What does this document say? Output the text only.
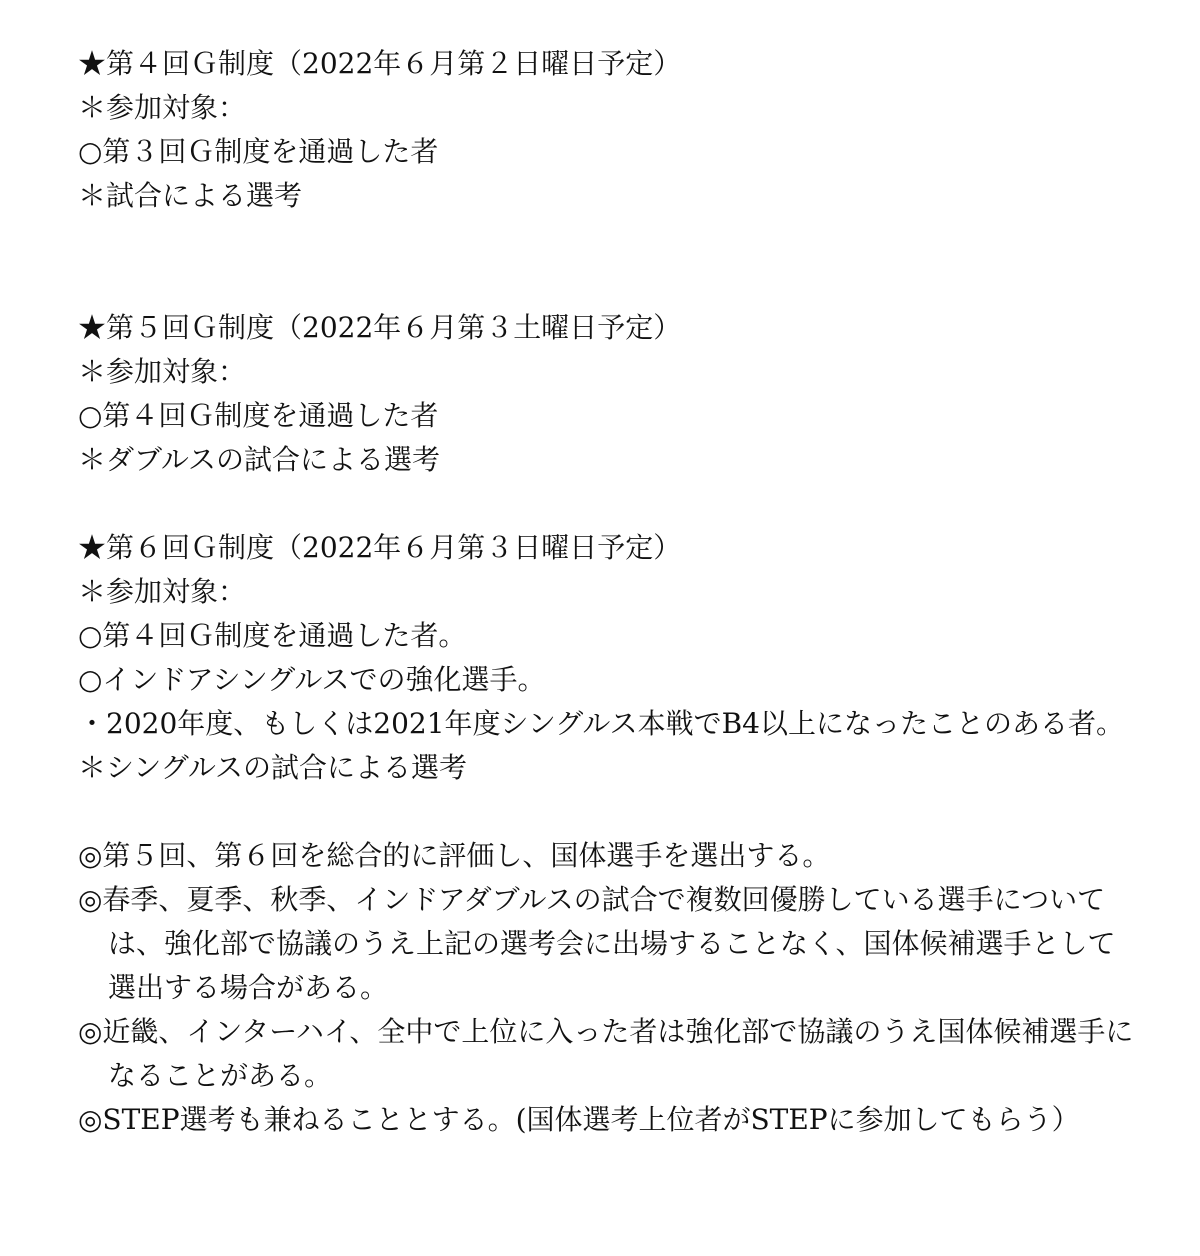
★第４回Ｇ制度（2022年６月第２日曜日予定）
＊参加対象：
○第３回Ｇ制度を通過した者
＊試合による選考
★第５回Ｇ制度（2022年６月第３土曜日予定）
＊参加対象：
○第４回Ｇ制度を通過した者
＊ダブルスの試合による選考
★第６回Ｇ制度（2022年６月第３日曜日予定）
＊参加対象：
○第４回Ｇ制度を通過した者。
○インドアシングルスでの強化選手。
・2020年度、もしくは2021年度シングルス本戦でB4以上になったことのある者。
＊シングルスの試合による選考
◎第５回、第６回を総合的に評価し、国体選手を選出する。
◎春季、夏季、秋季、インドアダブルスの試合で複数回優勝している選手については、強化部で協議のうえ上記の選考会に出場することなく、国体候補選手として選出する場合がある。
◎近畿、インターハイ、全中で上位に入った者は強化部で協議のうえ国体候補選手になることがある。
◎STEP選考も兼ねることとする。(国体選考上位者がSTEPに参加してもらう）
